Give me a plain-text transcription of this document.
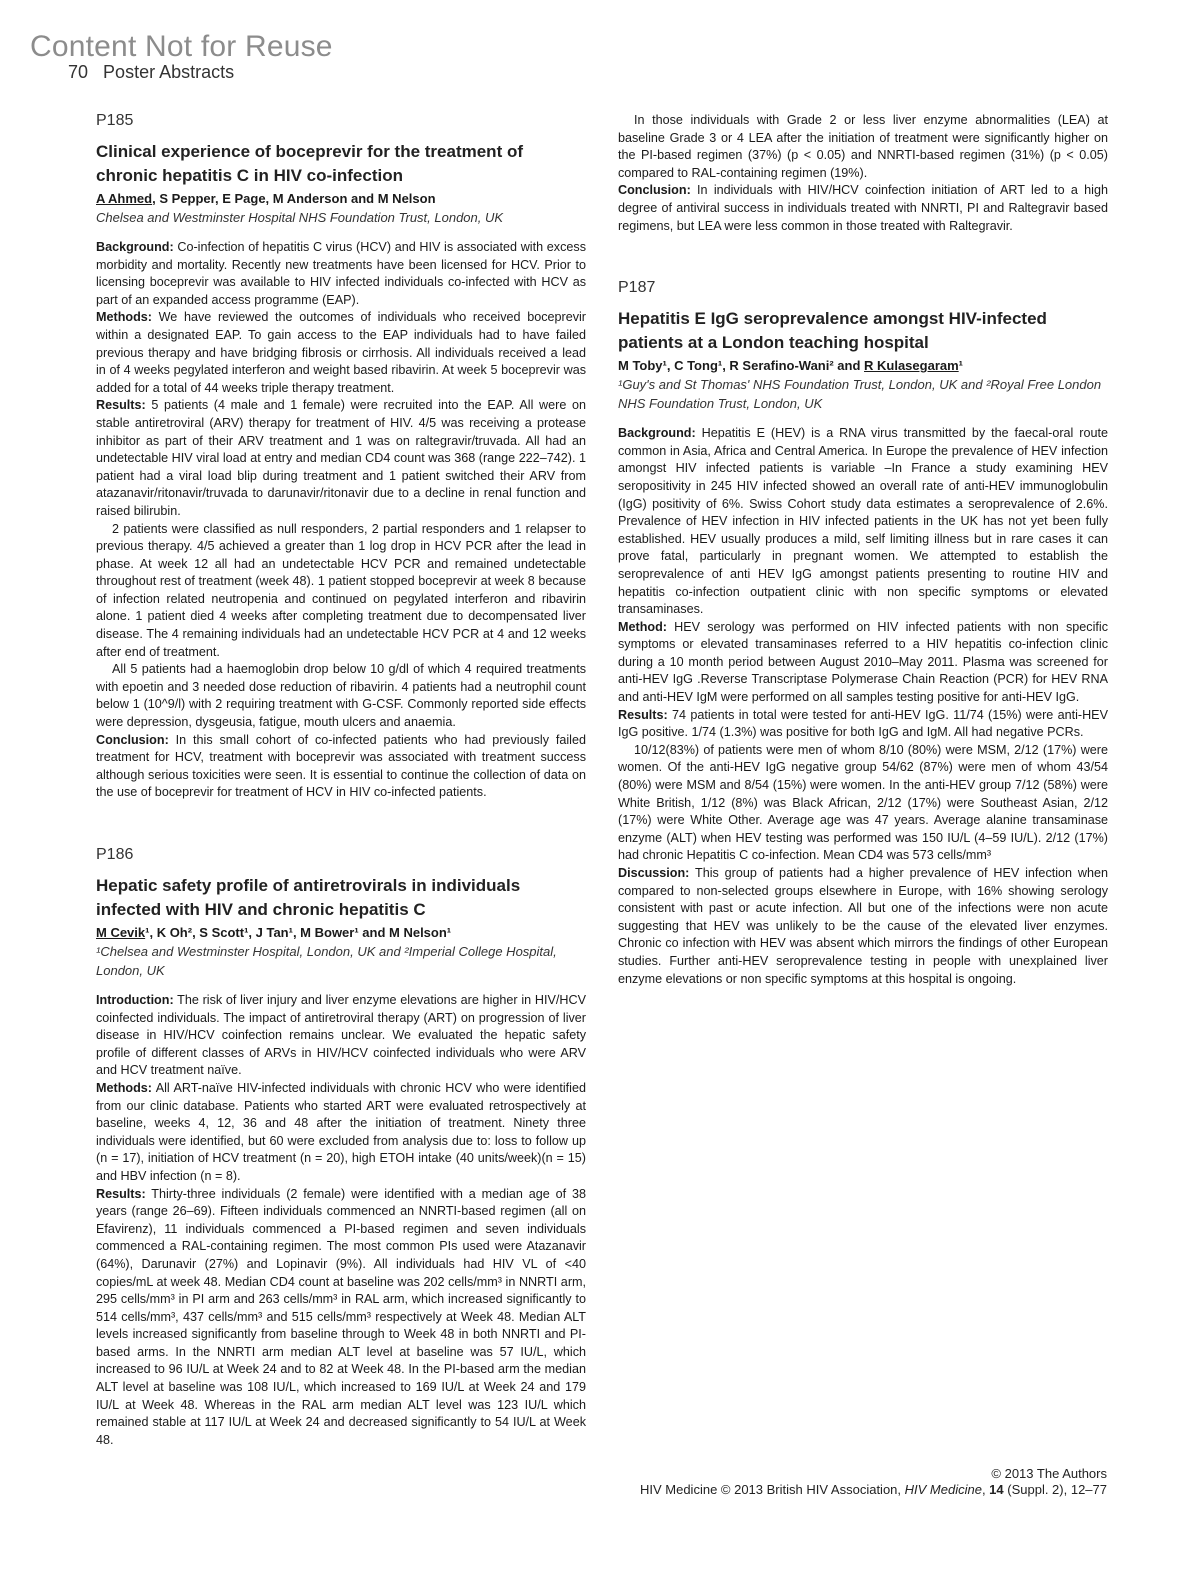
Content Not for Reuse
70 Poster Abstracts

P185

Clinical experience of boceprevir for the treatment of chronic hepatitis C in HIV co-infection

A Ahmed, S Pepper, E Page, M Anderson and M Nelson

Chelsea and Westminster Hospital NHS Foundation Trust, London, UK

Background: Co-infection of hepatitis C virus (HCV) and HIV is associated with excess morbidity and mortality. Recently new treatments have been licensed for HCV. Prior to licensing boceprevir was available to HIV infected individuals co-infected with HCV as part of an expanded access programme (EAP).

Methods: We have reviewed the outcomes of individuals who received boceprevir within a designated EAP. To gain access to the EAP individuals had to have failed previous therapy and have bridging fibrosis or cirrhosis. All individuals received a lead in of 4 weeks pegylated interferon and weight based ribavirin. At week 5 boceprevir was added for a total of 44 weeks triple therapy treatment.

Results: 5 patients (4 male and 1 female) were recruited into the EAP. All were on stable antiretroviral (ARV) therapy for treatment of HIV. 4/5 was receiving a protease inhibitor as part of their ARV treatment and 1 was on raltegravir/truvada. All had an undetectable HIV viral load at entry and median CD4 count was 368 (range 222–742). 1 patient had a viral load blip during treatment and 1 patient switched their ARV from atazanavir/ritonavir/truvada to darunavir/ritonavir due to a decline in renal function and raised bilirubin.

2 patients were classified as null responders, 2 partial responders and 1 relapser to previous therapy. 4/5 achieved a greater than 1 log drop in HCV PCR after the lead in phase. At week 12 all had an undetectable HCV PCR and remained undetectable throughout rest of treatment (week 48). 1 patient stopped boceprevir at week 8 because of infection related neutropenia and continued on pegylated interferon and ribavirin alone. 1 patient died 4 weeks after completing treatment due to decompensated liver disease. The 4 remaining individuals had an undetectable HCV PCR at 4 and 12 weeks after end of treatment.

All 5 patients had a haemoglobin drop below 10 g/dl of which 4 required treatments with epoetin and 3 needed dose reduction of ribavirin. 4 patients had a neutrophil count below 1 (10^9/l) with 2 requiring treatment with G-CSF. Commonly reported side effects were depression, dysgeusia, fatigue, mouth ulcers and anaemia.

Conclusion: In this small cohort of co-infected patients who had previously failed treatment for HCV, treatment with boceprevir was associated with treatment success although serious toxicities were seen. It is essential to continue the collection of data on the use of boceprevir for treatment of HCV in HIV co-infected patients.

P186

Hepatic safety profile of antiretrovirals in individuals infected with HIV and chronic hepatitis C

M Cevik¹, K Oh², S Scott¹, J Tan¹, M Bower¹ and M Nelson¹

¹Chelsea and Westminster Hospital, London, UK and ²Imperial College Hospital, London, UK

Introduction: The risk of liver injury and liver enzyme elevations are higher in HIV/HCV coinfected individuals. The impact of antiretroviral therapy (ART) on progression of liver disease in HIV/HCV coinfection remains unclear. We evaluated the hepatic safety profile of different classes of ARVs in HIV/HCV coinfected individuals who were ARV and HCV treatment naïve.

Methods: All ART-naïve HIV-infected individuals with chronic HCV who were identified from our clinic database. Patients who started ART were evaluated retrospectively at baseline, weeks 4, 12, 36 and 48 after the initiation of treatment. Ninety three individuals were identified, but 60 were excluded from analysis due to: loss to follow up (n = 17), initiation of HCV treatment (n = 20), high ETOH intake (40 units/week)(n = 15) and HBV infection (n = 8).

Results: Thirty-three individuals (2 female) were identified with a median age of 38 years (range 26–69). Fifteen individuals commenced an NNRTI-based regimen (all on Efavirenz), 11 individuals commenced a PI-based regimen and seven individuals commenced a RAL-containing regimen. The most common PIs used were Atazanavir (64%), Darunavir (27%) and Lopinavir (9%). All individuals had HIV VL of <40 copies/mL at week 48. Median CD4 count at baseline was 202 cells/mm³ in NNRTI arm, 295 cells/mm³ in PI arm and 263 cells/mm³ in RAL arm, which increased significantly to 514 cells/mm³, 437 cells/mm³ and 515 cells/mm³ respectively at Week 48. Median ALT levels increased significantly from baseline through to Week 48 in both NNRTI and PI-based arms. In the NNRTI arm median ALT level at baseline was 57 IU/L, which increased to 96 IU/L at Week 24 and to 82 at Week 48. In the PI-based arm the median ALT level at baseline was 108 IU/L, which increased to 169 IU/L at Week 24 and 179 IU/L at Week 48. Whereas in the RAL arm median ALT level was 123 IU/L which remained stable at 117 IU/L at Week 24 and decreased significantly to 54 IU/L at Week 48.

In those individuals with Grade 2 or less liver enzyme abnormalities (LEA) at baseline Grade 3 or 4 LEA after the initiation of treatment were significantly higher on the PI-based regimen (37%) (p < 0.05) and NNRTI-based regimen (31%) (p < 0.05) compared to RAL-containing regimen (19%).

Conclusion: In individuals with HIV/HCV coinfection initiation of ART led to a high degree of antiviral success in individuals treated with NNRTI, PI and Raltegravir based regimens, but LEA were less common in those treated with Raltegravir.

P187

Hepatitis E IgG seroprevalence amongst HIV-infected patients at a London teaching hospital

M Toby¹, C Tong¹, R Serafino-Wani² and R Kulasegaram¹

¹Guy's and St Thomas' NHS Foundation Trust, London, UK and ²Royal Free London NHS Foundation Trust, London, UK

Background: Hepatitis E (HEV) is a RNA virus transmitted by the faecal-oral route common in Asia, Africa and Central America. In Europe the prevalence of HEV infection amongst HIV infected patients is variable –In France a study examining HEV seropositivity in 245 HIV infected showed an overall rate of anti-HEV immunoglobulin (IgG) positivity of 6%. Swiss Cohort study data estimates a seroprevalence of 2.6%. Prevalence of HEV infection in HIV infected patients in the UK has not yet been fully established. HEV usually produces a mild, self limiting illness but in rare cases it can prove fatal, particularly in pregnant women. We attempted to establish the seroprevalence of anti HEV IgG amongst patients presenting to routine HIV and hepatitis co-infection outpatient clinic with non specific symptoms or elevated transaminases.

Method: HEV serology was performed on HIV infected patients with non specific symptoms or elevated transaminases referred to a HIV hepatitis co-infection clinic during a 10 month period between August 2010–May 2011. Plasma was screened for anti-HEV IgG .Reverse Transcriptase Polymerase Chain Reaction (PCR) for HEV RNA and anti-HEV IgM were performed on all samples testing positive for anti-HEV IgG.

Results: 74 patients in total were tested for anti-HEV IgG. 11/74 (15%) were anti-HEV IgG positive. 1/74 (1.3%) was positive for both IgG and IgM. All had negative PCRs.

10/12(83%) of patients were men of whom 8/10 (80%) were MSM, 2/12 (17%) were women. Of the anti-HEV IgG negative group 54/62 (87%) were men of whom 43/54 (80%) were MSM and 8/54 (15%) were women. In the anti-HEV group 7/12 (58%) were White British, 1/12 (8%) was Black African, 2/12 (17%) were Southeast Asian, 2/12 (17%) were White Other. Average age was 47 years. Average alanine transaminase enzyme (ALT) when HEV testing was performed was 150 IU/L (4–59 IU/L). 2/12 (17%) had chronic Hepatitis C co-infection. Mean CD4 was 573 cells/mm³

Discussion: This group of patients had a higher prevalence of HEV infection when compared to non-selected groups elsewhere in Europe, with 16% showing serology consistent with past or acute infection. All but one of the infections were non acute suggesting that HEV was unlikely to be the cause of the elevated liver enzymes. Chronic co infection with HEV was absent which mirrors the findings of other European studies. Further anti-HEV seroprevalence testing in people with unexplained liver enzyme elevations or non specific symptoms at this hospital is ongoing.

© 2013 The Authors
HIV Medicine © 2013 British HIV Association, HIV Medicine, 14 (Suppl. 2), 12–77
